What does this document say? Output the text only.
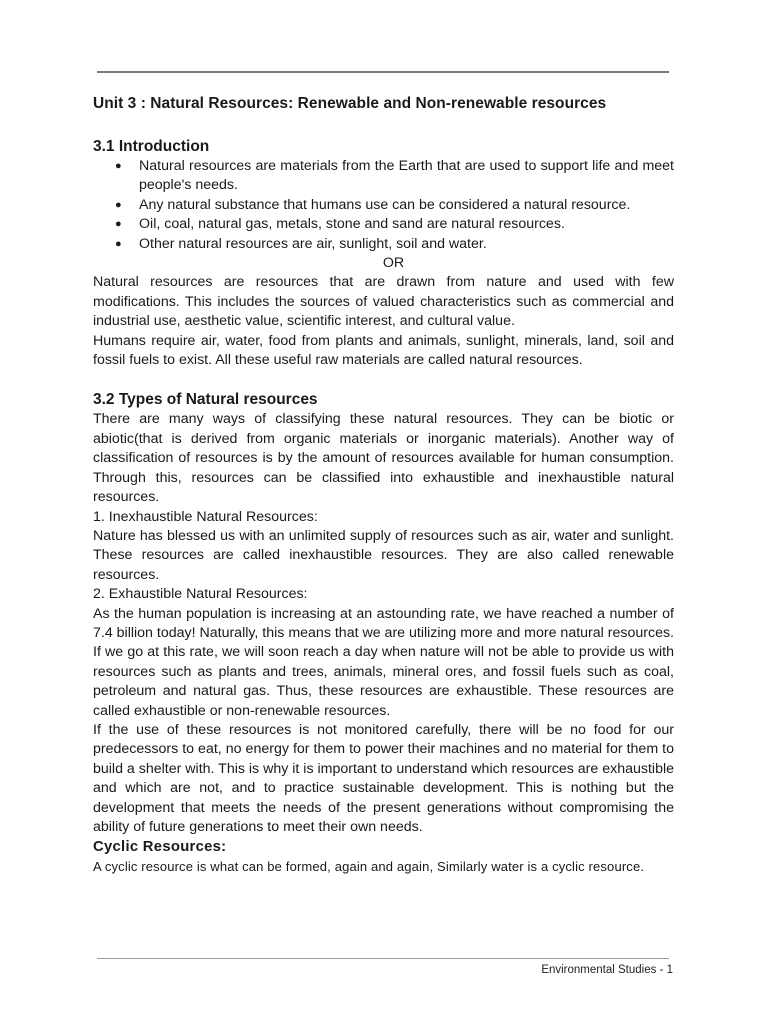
Unit 3 : Natural Resources: Renewable and Non-renewable resources
3.1 Introduction
● Natural resources are materials from the Earth that are used to support life and meet people's needs.
● Any natural substance that humans use can be considered a natural resource.
● Oil, coal, natural gas, metals, stone and sand are natural resources.
● Other natural resources are air, sunlight, soil and water.
OR

Natural resources are resources that are drawn from nature and used with few modifications. This includes the sources of valued characteristics such as commercial and industrial use, aesthetic value, scientific interest, and cultural value.

Humans require air, water, food from plants and animals, sunlight, minerals, land, soil and fossil fuels to exist. All these useful raw materials are called natural resources.

3.2 Types of Natural resources

There are many ways of classifying these natural resources. They can be biotic or abiotic(that is derived from organic materials or inorganic materials). Another way of classification of resources is by the amount of resources available for human consumption. Through this, resources can be classified into exhaustible and inexhaustible natural resources.

1. Inexhaustible Natural Resources:

Nature has blessed us with an unlimited supply of resources such as air, water and sunlight. These resources are called inexhaustible resources. They are also called renewable resources.

2. Exhaustible Natural Resources:

As the human population is increasing at an astounding rate, we have reached a number of 7.4 billion today! Naturally, this means that we are utilizing more and more natural resources. If we go at this rate, we will soon reach a day when nature will not be able to provide us with resources such as plants and trees, animals, mineral ores, and fossil fuels such as coal, petroleum and natural gas. Thus, these resources are exhaustible. These resources are called exhaustible or non-renewable resources.

If the use of these resources is not monitored carefully, there will be no food for our predecessors to eat, no energy for them to power their machines and no material for them to build a shelter with. This is why it is important to understand which resources are exhaustible and which are not, and to practice sustainable development. This is nothing but the development that meets the needs of the present generations without compromising the ability of future generations to meet their own needs.

Cyclic Resources:

A cyclic resource is what can be formed, again and again, Similarly water is a cyclic resource.

Environmental Studies - 1
